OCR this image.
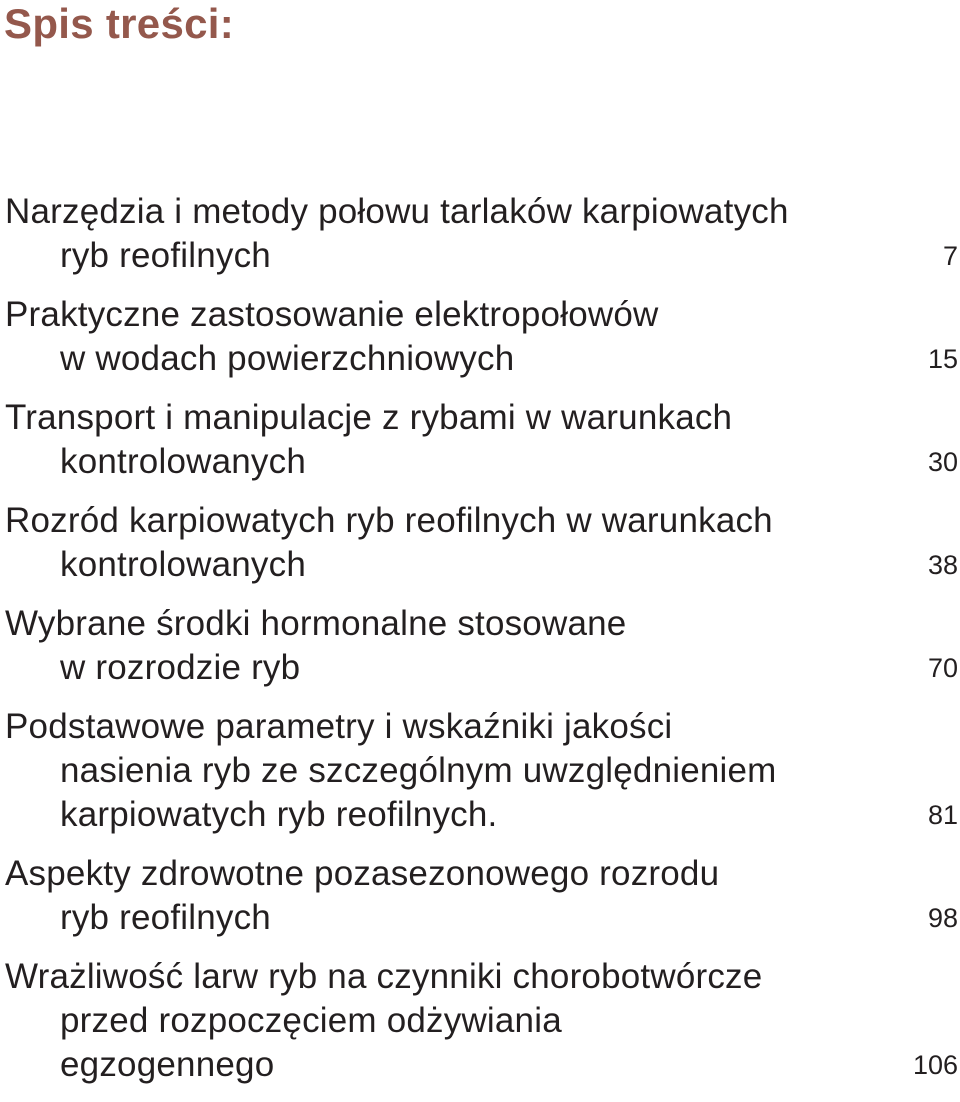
Spis treści:
Narzędzia i metody połowu tarlaków karpiowatych
ryb reofilnych	7
Praktyczne zastosowanie elektropołowów
w wodach powierzchniowych	15
Transport i manipulacje z rybami w warunkach
kontrolowanych	30
Rozród karpiowatych ryb reofilnych w warunkach
kontrolowanych	38
Wybrane środki hormonalne stosowane
w rozrodzie ryb	70
Podstawowe parametry i wskaźniki jakości
nasienia ryb ze szczególnym uwzględnieniem
karpiowatych ryb reofilnych.	81
Aspekty zdrowotne pozasezonowego rozrodu
ryb reofilnych	98
Wrażliwość larw ryb na czynniki chorobotwórcze
przed rozpoczęciem odżywiania
egzogennego	106
